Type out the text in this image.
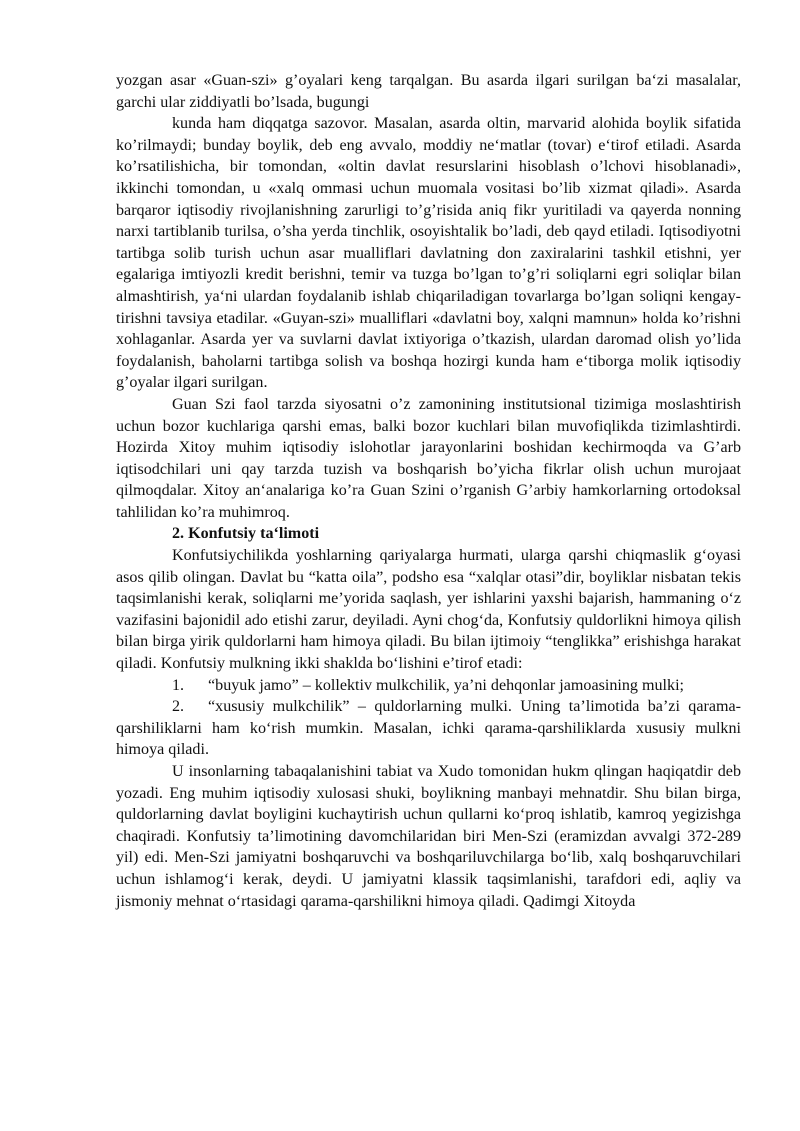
yozgan asar «Guan-szi» g’oyalari keng tarqalgan. Bu asarda ilgari surilgan ba‘zi masalalar, garchi ular ziddiyatli bo’lsada, bugungi

kunda ham diqqatga sazovor. Masalan, asarda oltin, marvarid alohida boylik sifatida ko’rilmaydi; bunday boylik, deb eng avvalo, moddiy ne‘matlar (tovar) e‘tirof etiladi. Asarda ko’rsatilishicha, bir tomondan, «oltin davlat resurslarini hisoblash o’lchovi hisoblanadi», ikkinchi tomondan, u «xalq ommasi uchun muomala vositasi bo’lib xizmat qiladi». Asarda barqaror iqtisodiy rivojlanishning zarurligi to’g’risida aniq fikr yuritiladi va qayerda nonning narxi tartiblanib turilsa, o’sha yerda tinchlik, osoyishtalik bo’ladi, deb qayd etiladi. Iqtisodiyotni tartibga solib turish uchun asar mualliflari davlatning don zaxiralarini tashkil etishni, yer egalariga imtiyozli kredit berishni, temir va tuzga bo’lgan to’g’ri soliqlarni egri soliqlar bilan almashtirish, ya‘ni ulardan foydalanib ishlab chiqariladigan tovarlarga bo’lgan soliqni kengay- tirishni tavsiya etadilar. «Guyan-szi» mualliflari «davlatni boy, xalqni mamnun» holda ko’rishni xohlaganlar. Asarda yer va suvlarni davlat ixtiyoriga o’tkazish, ulardan daromad olish yo’lida foydalanish, baholarni tartibga solish va boshqa hozirgi kunda ham e‘tiborga molik iqtisodiy g’oyalar ilgari surilgan.

Guan Szi faol tarzda siyosatni o’z zamonining institutsional tizimiga moslashtirish uchun bozor kuchlariga qarshi emas, balki bozor kuchlari bilan muvofiqlikda tizimlashtirdi. Hozirda Xitoy muhim iqtisodiy islohotlar jarayonlarini boshidan kechirmoqda va G’arb iqtisodchilari uni qay tarzda tuzish va boshqarish bo’yicha fikrlar olish uchun murojaat qilmoqdalar. Xitoy an‘analariga ko’ra Guan Szini o’rganish G’arbiy hamkorlarning ortodoksal tahlilidan ko’ra muhimroq.

2. Konfutsiy ta‘limoti

Konfutsiychilikda yoshlarning qariyalarga hurmati, ularga qarshi chiqmaslik g‘oyasi asos qilib olingan. Davlat bu “katta oila”, podsho esa “xalqlar otasi”dir, boyliklar nisbatan tekis taqsimlanishi kerak, soliqlarni me’yorida saqlash, yer ishlarini yaxshi bajarish, hammaning o‘z vazifasini bajonidil ado etishi zarur, deyiladi. Ayni chog‘da, Konfutsiy quldorlikni himoya qilish bilan birga yirik quldorlarni ham himoya qiladi. Bu bilan ijtimoiy “tenglikka” erishishga harakat qiladi. Konfutsiy mulkning ikki shaklda bo‘lishini e’tirof etadi:

1. “buyuk jamo” – kollektiv mulkchilik, ya’ni dehqonlar jamoasining mulki;

2. “xususiy mulkchilik” – quldorlarning mulki. Uning ta’limotida ba’zi qarama-qarshiliklarni ham ko‘rish mumkin. Masalan, ichki qarama-qarshiliklarda xususiy mulkni himoya qiladi.

U insonlarning tabaqalanishini tabiat va Xudo tomonidan hukm qlingan haqiqatdir deb yozadi. Eng muhim iqtisodiy xulosasi shuki, boylikning manbayi mehnatdir. Shu bilan birga, quldorlarning davlat boyligini kuchaytirish uchun qullarni ko‘proq ishlatib, kamroq yegizishga chaqiradi. Konfutsiy ta’limotining davomchilaridan biri Men-Szi (eramizdan avvalgi 372-289 yil) edi. Men-Szi jamiyatni boshqaruvchi va boshqariluvchilarga bo‘lib, xalq boshqaruvchilari uchun ishlamog‘i kerak, deydi. U jamiyatni klassik taqsimlanishi, tarafdori edi, aqliy va jismoniy mehnat o‘rtasidagi qarama-qarshilikni himoya qiladi. Qadimgi Xitoyda
